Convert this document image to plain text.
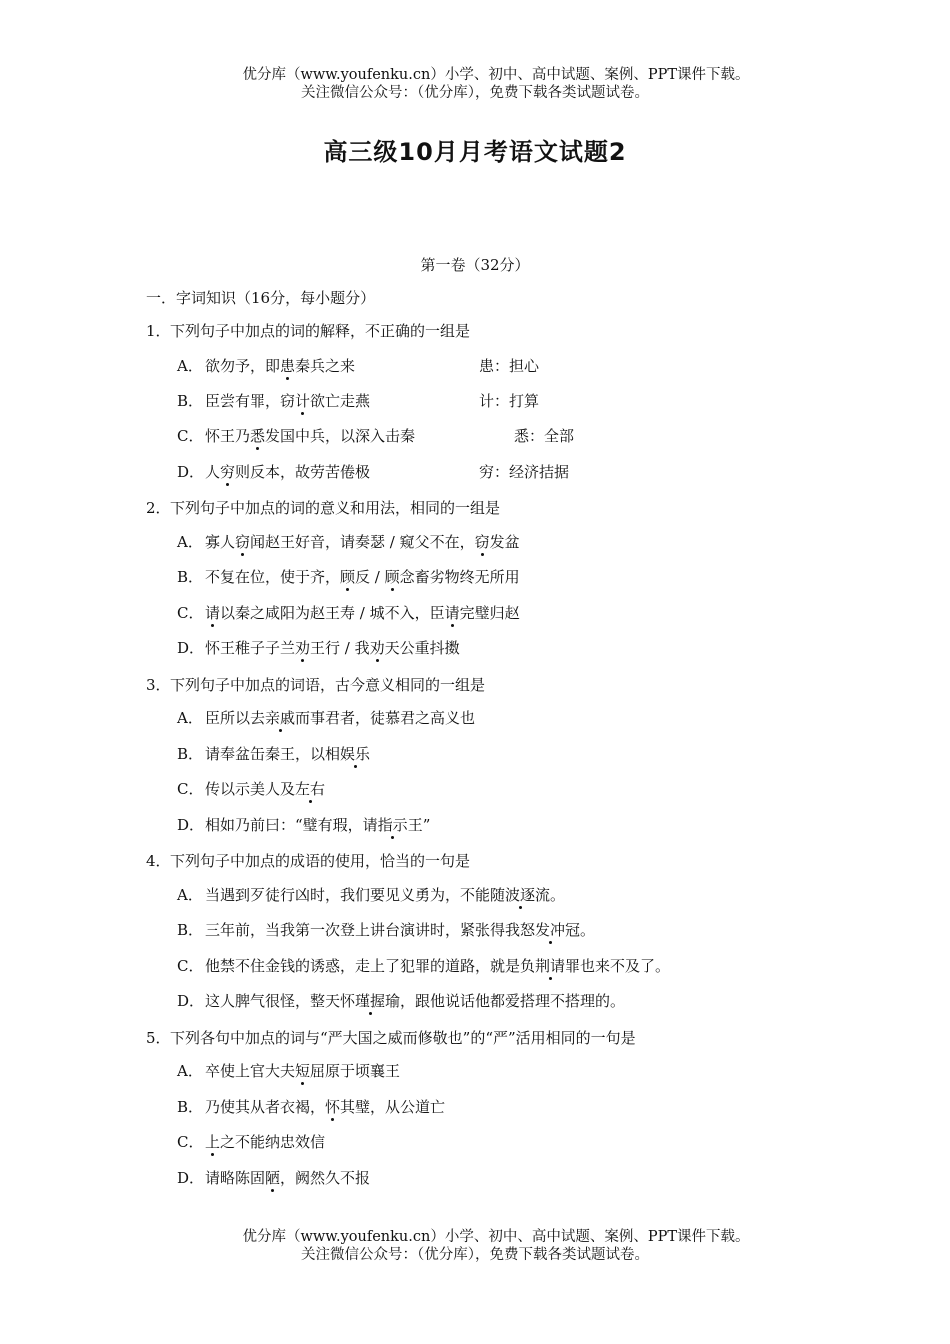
优分库（www.youfenku.cn）小学、初中、高中试题、案例、PPT课件下载。
关注微信公众号：（优分库），免费下载各类试题试卷。
高三级10月月考语文试题2
第一卷（32分）
一．字词知识（16分，每小题分）
1．下列句子中加点的词的解释，不正确的一组是
A． 欲勿予，即患秦兵之来	患：担心
B． 臣尝有罪，窃计欲亡走燕	计：打算
C． 怀王乃悉发国中兵，以深入击秦	悉：全部
D．人穷则反本，故劳苦倦极	穷：经济拮据
2．下列句子中加点的词的意义和用法，相同的一组是
A． 寡人窃闻赵王好音，请奏瑟 / 窥父不在，窃发盆
B． 不复在位，使于齐，顾反 / 顾念畜劣物终无所用
C． 请以秦之咸阳为赵王寿 / 城不入，臣请完璧归赵
D．怀王稚子子兰劝王行 / 我劝天公重抖擞
3．下列句子中加点的词语，古今意义相同的一组是
A． 臣所以去亲戚而事君者，徒慕君之高义也
B． 请奉盆缶秦王，以相娱乐
C． 传以示美人及左右
D．相如乃前曰：“璧有瑕，请指示王”
4．下列句子中加点的成语的使用，恰当的一句是
A． 当遇到歹徒行凶时，我们要见义勇为，不能随波逐流。
B． 三年前，当我第一次登上讲台演讲时，紧张得我怒发冲冠。
C． 他禁不住金钱的诱惑，走上了犯罪的道路，就是负荆请罪也来不及了。
D．这人脾气很怪，整天怀瑾握瑜，跟他说话他都爱搭理不搭理的。
5．下列各句中加点的词与“严大国之威而修敬也”的“严”活用相同的一句是
A． 卒使上官大夫短屈原于顷襄王
B． 乃使其从者衣褐，怀其璧，从公道亡
C． 上之不能纳忠效信
D．请略陈固陋，阙然久不报
优分库（www.youfenku.cn）小学、初中、高中试题、案例、PPT课件下载。
关注微信公众号：（优分库），免费下载各类试题试卷。
